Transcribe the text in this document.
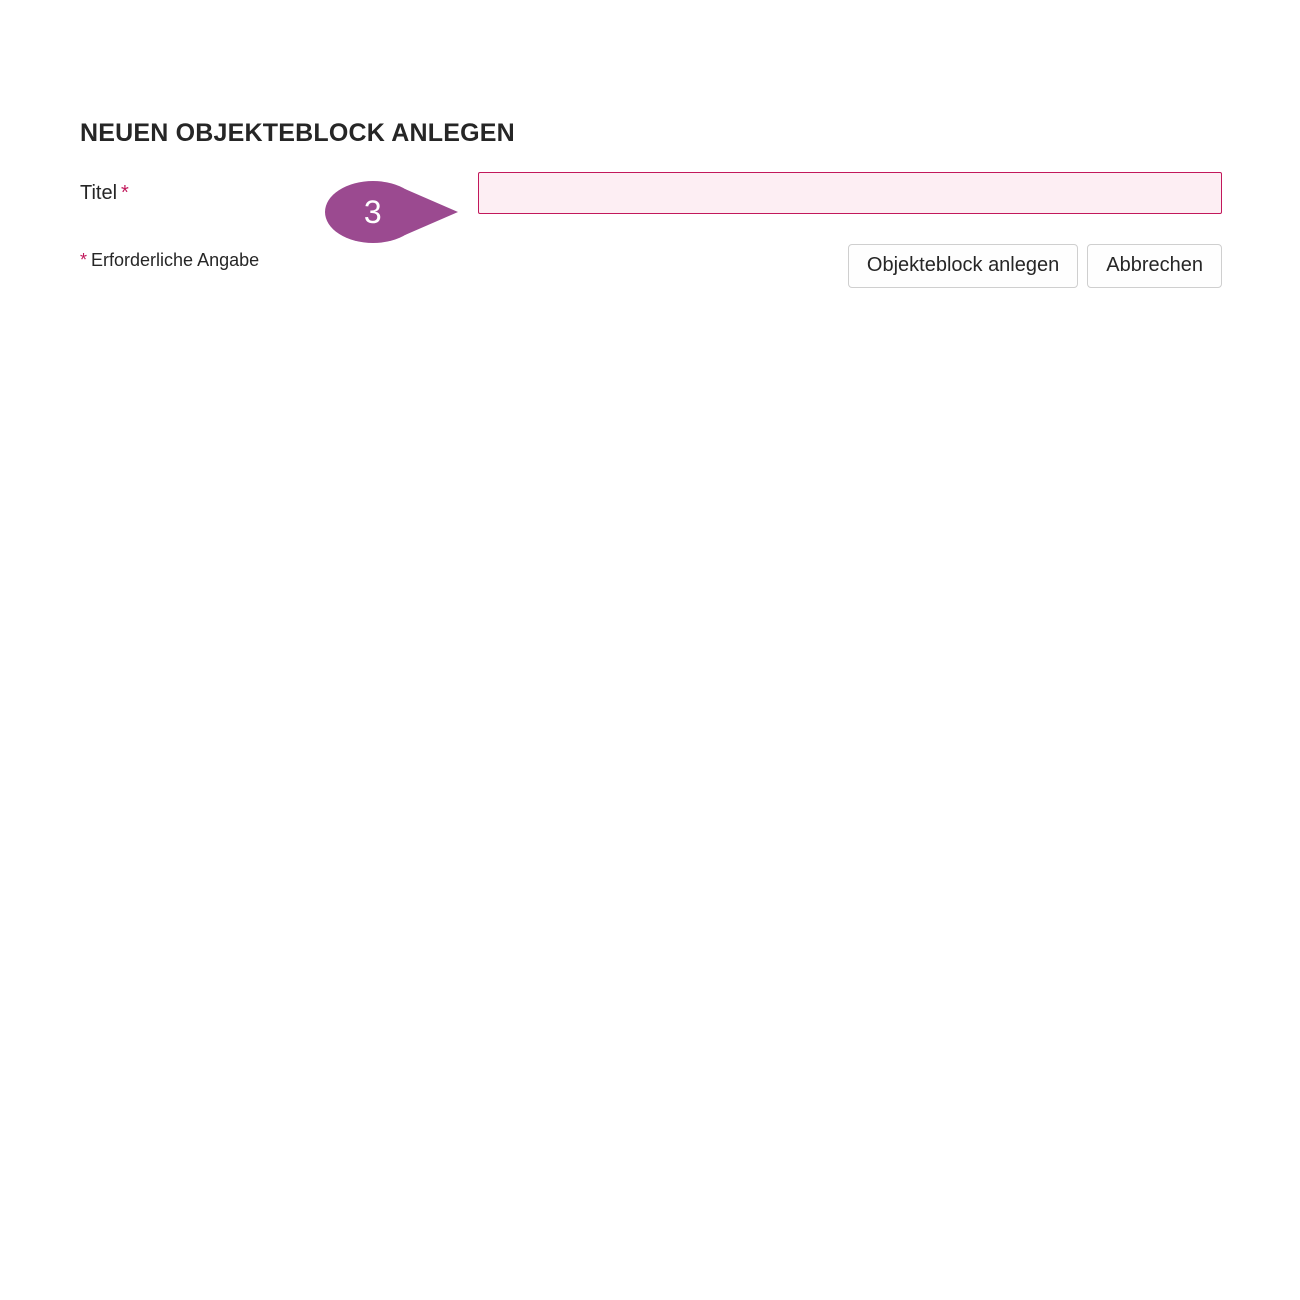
NEUEN OBJEKTEBLOCK ANLEGEN
Titel *
* Erforderliche Angabe	Objekteblock anlegen	Abbrechen
3
